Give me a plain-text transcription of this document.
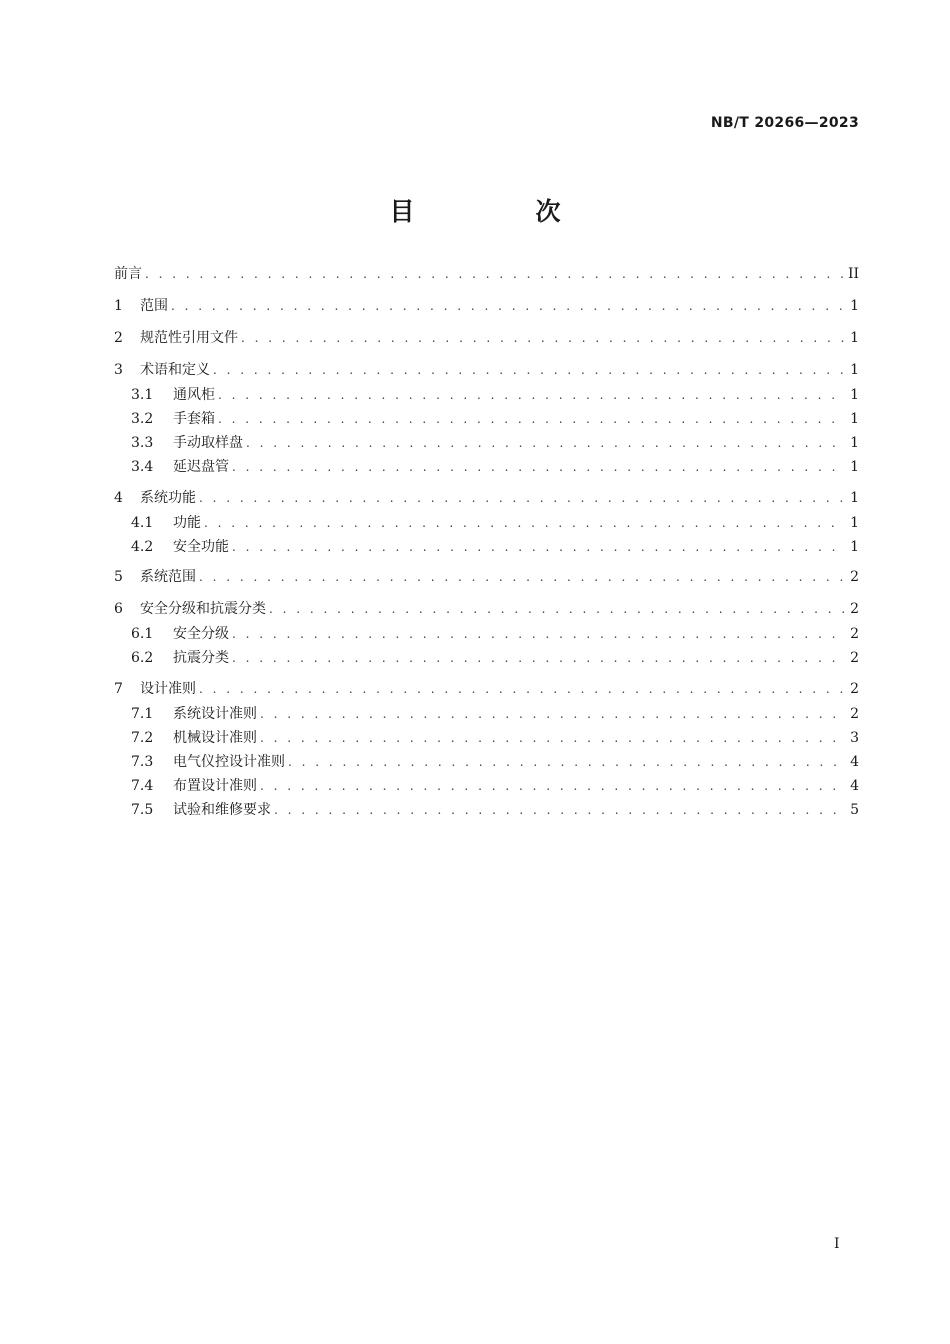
NB/T 20266—2023
目　次
前言 . . .	II
1	范围 . . .	1
2	规范性引用文件 . . .	1
3	术语和定义 . . .	1
3.1	通风柜 . . .	1
3.2	手套箱 . . .	1
3.3	手动取样盘 . . .	1
3.4	延迟盘管 . . .	1
4	系统功能 . . .	1
4.1	功能 . . .	1
4.2	安全功能 . . .	1
5	系统范围 . . .	2
6	安全分级和抗震分类 . . .	2
6.1	安全分级 . . .	2
6.2	抗震分类 . . .	2
7	设计准则 . . .	2
7.1	系统设计准则 . . .	2
7.2	机械设计准则 . . .	3
7.3	电气仪控设计准则 . . .	4
7.4	布置设计准则 . . .	4
7.5	试验和维修要求 . . .	5
I
